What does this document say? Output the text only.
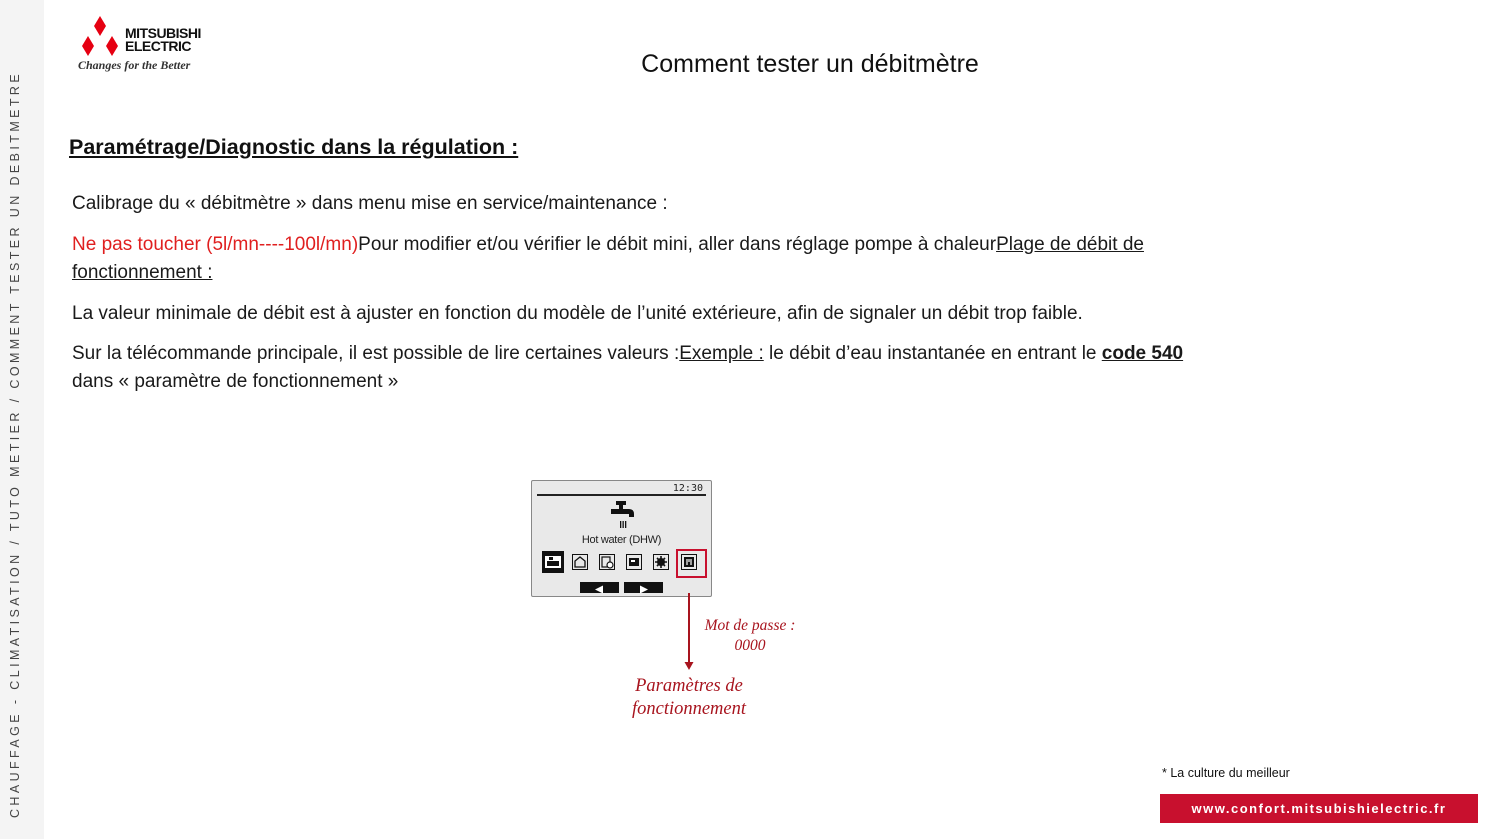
CHAUFFAGE - CLIMATISATION / TUTO METIER / COMMENT TESTER UN DEBITMETRE
MITSUBISHI
ELECTRIC
Changes for the Better	Comment tester un débitmètre
Paramétrage/Diagnostic dans la régulation :
Calibrage du « débitmètre » dans menu mise en service/maintenance :
Ne pas toucher (5l/mn----100l/mn)Pour modifier et/ou vérifier le débit mini, aller dans réglage pompe à chaleurPlage de débit de fonctionnement :
La valeur minimale de débit est à ajuster en fonction du modèle de l’unité extérieure, afin de signaler un débit trop faible.
Sur la télécommande principale, il est possible de lire certaines valeurs :Exemple : le débit d’eau instantanée en entrant le code 540 dans « paramètre de fonctionnement »
12:30
Hot water (DHW)
Mot de passe :
0000
Paramètres de
fonctionnement
* La culture du meilleur
www.confort.mitsubishielectric.fr
